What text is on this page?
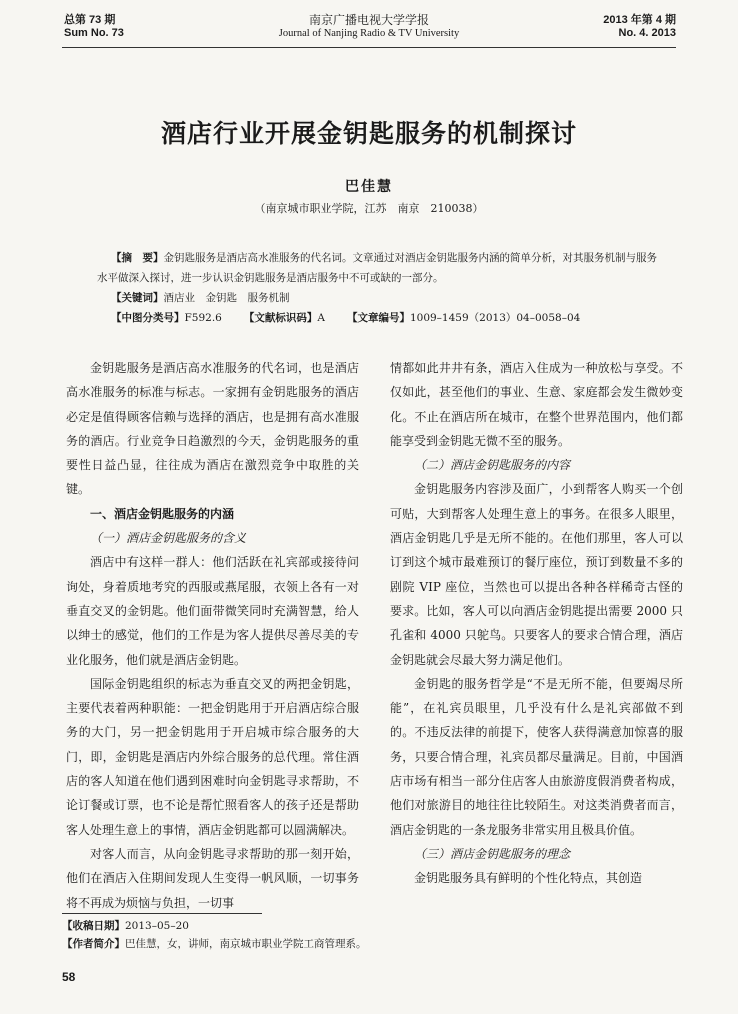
总第 73 期
Sum No. 73
南京广播电视大学学报
Journal of Nanjing Radio & TV University
2013 年第 4 期
No. 4. 2013
酒店行业开展金钥匙服务的机制探讨
巴佳慧
（南京城市职业学院，江苏　南京　210038）

【摘　要】金钥匙服务是酒店高水准服务的代名词。文章通过对酒店金钥匙服务内涵的简单分析，对其服务机制与服务水平做深入探讨，进一步认识金钥匙服务是酒店服务中不可或缺的一部分。

【关键词】酒店业　金钥匙　服务机制

【中图分类号】F592.6 【文献标识码】A 【文章编号】1009–1459（2013）04–0058–04

金钥匙服务是酒店高水准服务的代名词，也是酒店高水准服务的标准与标志。一家拥有金钥匙服务的酒店必定是值得顾客信赖与选择的酒店，也是拥有高水准服务的酒店。行业竞争日趋激烈的今天，金钥匙服务的重要性日益凸显，往往成为酒店在激烈竞争中取胜的关键。

一、酒店金钥匙服务的内涵

（一）酒店金钥匙服务的含义

酒店中有这样一群人：他们活跃在礼宾部或接待问询处，身着质地考究的西服或燕尾服，衣领上各有一对垂直交叉的金钥匙。他们面带微笑同时充满智慧，给人以绅士的感觉，他们的工作是为客人提供尽善尽美的专业化服务，他们就是酒店金钥匙。

国际金钥匙组织的标志为垂直交叉的两把金钥匙，主要代表着两种职能：一把金钥匙用于开启酒店综合服务的大门，另一把金钥匙用于开启城市综合服务的大门，即，金钥匙是酒店内外综合服务的总代理。常住酒店的客人知道在他们遇到困难时向金钥匙寻求帮助，不论订餐或订票，也不论是帮忙照看客人的孩子还是帮助客人处理生意上的事情，酒店金钥匙都可以圆满解决。

对客人而言，从向金钥匙寻求帮助的那一刻开始，他们在酒店入住期间发现人生变得一帆风顺，一切事务将不再成为烦恼与负担，一切事

情都如此井井有条，酒店入住成为一种放松与享受。不仅如此，甚至他们的事业、生意、家庭都会发生微妙变化。不止在酒店所在城市，在整个世界范围内，他们都能享受到金钥匙无微不至的服务。

（二）酒店金钥匙服务的内容

金钥匙服务内容涉及面广，小到帮客人购买一个创可贴，大到帮客人处理生意上的事务。在很多人眼里，酒店金钥匙几乎是无所不能的。在他们那里，客人可以订到这个城市最难预订的餐厅座位，预订到数量不多的剧院 VIP 座位，当然也可以提出各种各样稀奇古怪的要求。比如，客人可以向酒店金钥匙提出需要 2000 只孔雀和 4000 只鸵鸟。只要客人的要求合情合理，酒店金钥匙就会尽最大努力满足他们。

金钥匙的服务哲学是“不是无所不能，但要竭尽所能”，在礼宾员眼里，几乎没有什么是礼宾部做不到的。不违反法律的前提下，使客人获得满意加惊喜的服务，只要合情合理，礼宾员都尽量满足。目前，中国酒店市场有相当一部分住店客人由旅游度假消费者构成，他们对旅游目的地往往比较陌生。对这类消费者而言，酒店金钥匙的一条龙服务非常实用且极具价值。

（三）酒店金钥匙服务的理念

金钥匙服务具有鲜明的个性化特点，其创造

【收稿日期】2013–05–20

【作者简介】巴佳慧，女，讲师，南京城市职业学院工商管理系。

58
